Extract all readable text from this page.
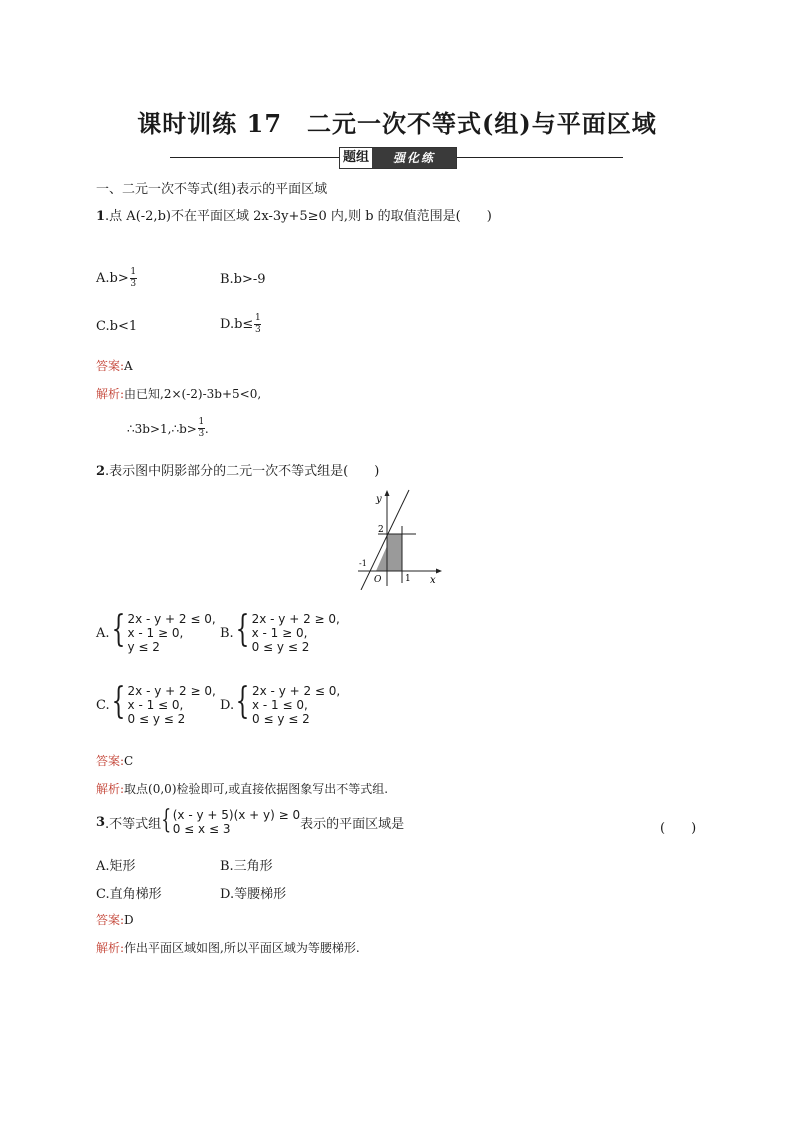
课时训练 17　二元一次不等式(组)与平面区域
题组	强化练
一、二元一次不等式(组)表示的平面区域
1.点 A(-2,b)不在平面区域 2x-3y+5≥0 内,则 b 的取值范围是(　　)
$A.b> \frac{1}{3}$	B.b>-9
C.b<1	$D.b\le \frac{1}{3}$
答案:A
解析:由已知,2×(-2)-3b+5<0,
∴3b>1,∴b> $\frac{1}{3}$ .
2.表示图中阴影部分的二元一次不等式组是(　　)
y
x
O
2
-1
1
A. { 2x - y + 2 ≤ 0,
x - 1 ≥ 0,
y ≤ 2
B. { 2x - y + 2 ≥ 0,
x - 1 ≥ 0,
0 ≤ y ≤ 2
C. { 2x - y + 2 ≥ 0,
x - 1 ≤ 0,
0 ≤ y ≤ 2
D. { 2x - y + 2 ≤ 0,
x - 1 ≤ 0,
0 ≤ y ≤ 2
答案:C
解析:取点(0,0)检验即可,或直接依据图象写出不等式组.
3 .不等式组 { (x - y + 5)(x + y) ≥ 0
0 ≤ x ≤ 3	表示的平面区域是	(　　)
A.矩形	B.三角形
C.直角梯形	D.等腰梯形
答案:D
解析:作出平面区域如图,所以平面区域为等腰梯形.
